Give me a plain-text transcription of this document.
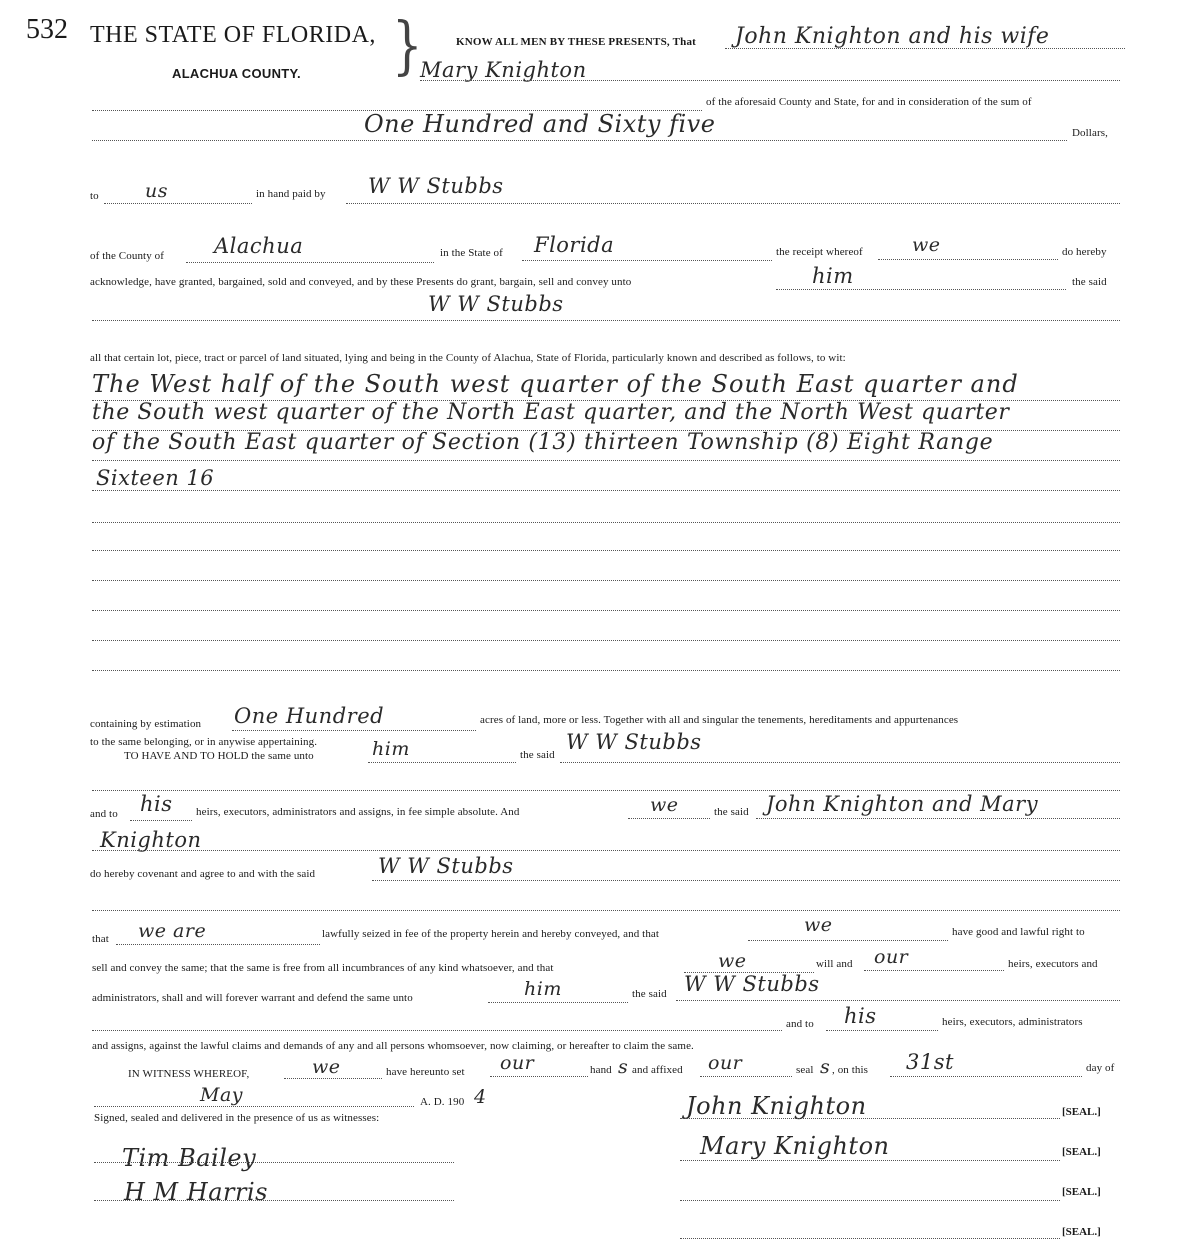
532 THE STATE OF FLORIDA,
ALACHUA COUNTY. }	KNOW ALL MEN BY THESE PRESENTS, That John Knighton and his wife
Mary Knighton
of the aforesaid County and State, for and in consideration of the sum of
One Hundred and Sixty five	Dollars,
to us	in hand paid by W W Stubbs
of the County of Alachua	in the State of Florida	the receipt whereof	we	do hereby
acknowledge, have granted, bargained, sold and conveyed, and by these Presents do grant, bargain, sell and convey unto	him	the said
W W Stubbs
all that certain lot, piece, tract or parcel of land situated, lying and being in the County of Alachua, State of Florida, particularly known and described as follows, to wit:
The West half of the South west quarter of the South East quarter and
the South west quarter of the North East quarter, and the North West quarter
of the South East quarter of Section (13) thirteen Township (8) Eight Range
Sixteen 16
containing by estimation One Hundred	acres of land, more or less. Together with all and singular the tenements, hereditaments and appurtenances
to the same belonging, or in anywise appertaining.
TO HAVE AND TO HOLD the same unto	him	the said
W W Stubbs
and to his heirs, executors, administrators and assigns, in fee simple absolute. And	we	the said John Knighton and Mary
Knighton
do hereby covenant and agree to and with the said	W W Stubbs
that we are	lawfully seized in fee of the property herein and hereby conveyed, and that	we	have good and lawful right to
sell and convey the same; that the same is free from all incumbrances of any kind whatsoever, and that	we	will and our	heirs, executors and
administrators, shall and will forever warrant and defend the same unto	him	the said W W Stubbs
and to his	heirs, executors, administrators
and assigns, against the lawful claims and demands of any and all persons whomsoever, now claiming, or hereafter to claim the same.
IN WITNESS WHEREOF,	we	have hereunto set our	hand s and affixed our	seal s , on this 31st	day of
May	A. D. 190 4
Signed, sealed and delivered in the presence of us as witnesses:
Tim Bailey
H M Harris
John Knighton	[SEAL.]
Mary Knighton	[SEAL.]
[SEAL.]
[SEAL.]
